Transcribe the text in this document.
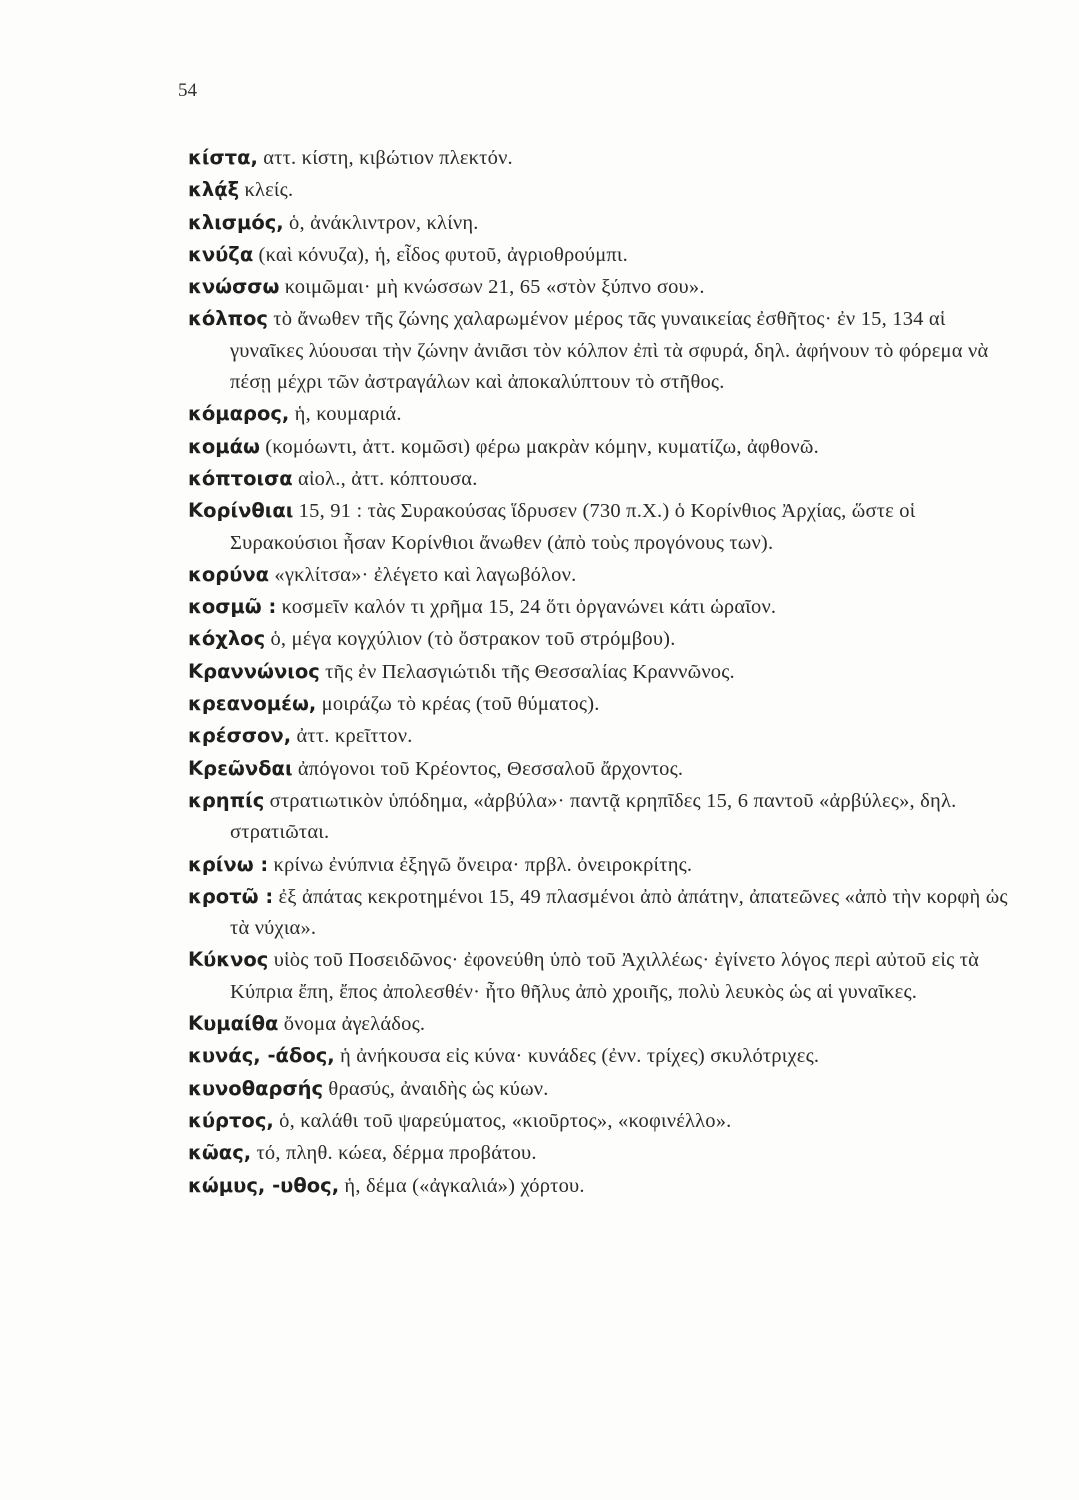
54

κίστα, αττ. κίστη, κιβώτιον πλεκτόν.

κλᾴξ κλείς.

κλισμός, ὁ, ἀνάκλιντρον, κλίνη.

κνύζα (καὶ κόνυζα), ἡ, εἶδος φυτοῦ, ἀγριοθρούμπι.

κνώσσω κοιμῶμαι· μὴ κνώσσων 21, 65 «στὸν ξύπνο σου».

κόλπος τὸ ἄνωθεν τῆς ζώνης χαλαρωμένον μέρος τᾶς γυναικείας ἐσθῆτος· ἐν 15, 134 αἱ γυναῖκες λύουσαι τὴν ζώνην ἀνιᾶσι τὸν κόλπον ἐπὶ τὰ σφυρά, δηλ. ἀφήνουν τὸ φόρεμα νὰ πέσῃ μέχρι τῶν ἀστραγάλων καὶ ἀποκαλύπτουν τὸ στῆθος.

κόμαρος, ἡ, κουμαριά.

κομάω (κομόωντι, ἀττ. κομῶσι) φέρω μακρὰν κόμην, κυματίζω, ἀφθονῶ.

κόπτοισα αἰολ., ἀττ. κόπτουσα.

Κορίνθιαι 15, 91 : τὰς Συρακούσας ἵδρυσεν (730 π.Χ.) ὁ Κορίνθιος Ἀρχίας, ὥστε οἱ Συρακούσιοι ἦσαν Κορίνθιοι ἄνωθεν (ἀπὸ τοὺς προγόνους των).

κορύνα «γκλίτσα»· ἐλέγετο καὶ λαγωβόλον.

κοσμῶ : κοσμεῖν καλόν τι χρῆμα 15, 24 ὅτι ὀργανώνει κάτι ὡραῖον.

κόχλος ὁ, μέγα κογχύλιον (τὸ ὄστρακον τοῦ στρόμβου).

Κραννώνιος τῆς ἐν Πελασγιώτιδι τῆς Θεσσαλίας Κραννῶνος.

κρεανομέω, μοιράζω τὸ κρέας (τοῦ θύματος).

κρέσσον, ἀττ. κρεῖττον.

Κρεῶνδαι ἀπόγονοι τοῦ Κρέοντος, Θεσσαλοῦ ἄρχοντος.

κρηπίς στρατιωτικὸν ὑπόδημα, «ἀρβύλα»· παντᾷ κρηπῖδες 15, 6 παντοῦ «ἀρβύλες», δηλ. στρατιῶται.

κρίνω : κρίνω ἐνύπνια ἐξηγῶ ὄνειρα· πρβλ. ὀνειροκρίτης.

κροτῶ : ἐξ ἀπάτας κεκροτημένοι 15, 49 πλασμένοι ἀπὸ ἀπάτην, ἀπατεῶνες «ἀπὸ τὴν κορφὴ ὡς τὰ νύχια».

Κύκνος υἱὸς τοῦ Ποσειδῶνος· ἐφονεύθη ὑπὸ τοῦ Ἀχιλλέως· ἐγίνετο λόγος περὶ αὐτοῦ εἰς τὰ Κύπρια ἔπη, ἔπος ἀπολεσθέν· ἦτο θῆλυς ἀπὸ χροιῆς, πολὺ λευκὸς ὡς αἱ γυναῖκες.

Κυμαίθα ὄνομα ἀγελάδος.

κυνάς, -άδος, ἡ ἀνήκουσα εἰς κύνα· κυνάδες (ἐνν. τρίχες) σκυλότριχες.

κυνοθαρσής θρασύς, ἀναιδὴς ὡς κύων.

κύρτος, ὁ, καλάθι τοῦ ψαρεύματος, «κιοῦρτος», «κοφινέλλο».

κῶας, τό, πληθ. κώεα, δέρμα προβάτου.

κώμυς, -υθος, ἡ, δέμα («ἀγκαλιά») χόρτου.
